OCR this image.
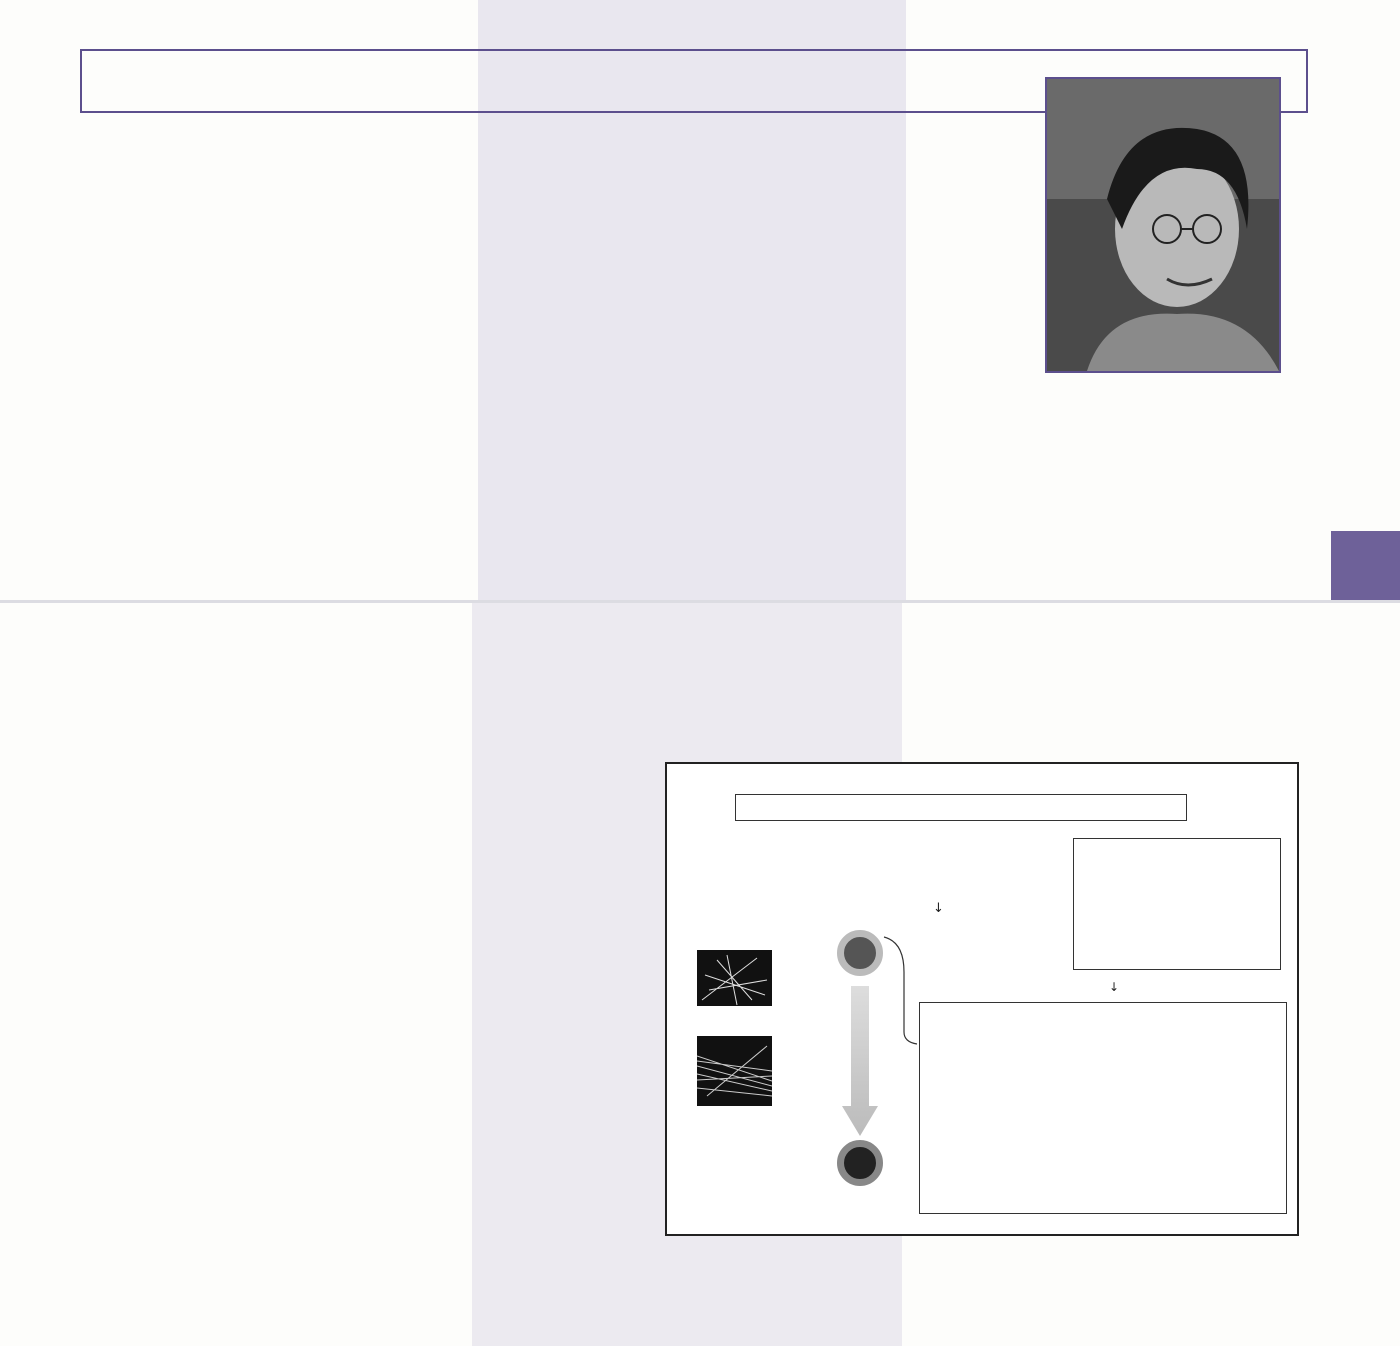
↓
↓
